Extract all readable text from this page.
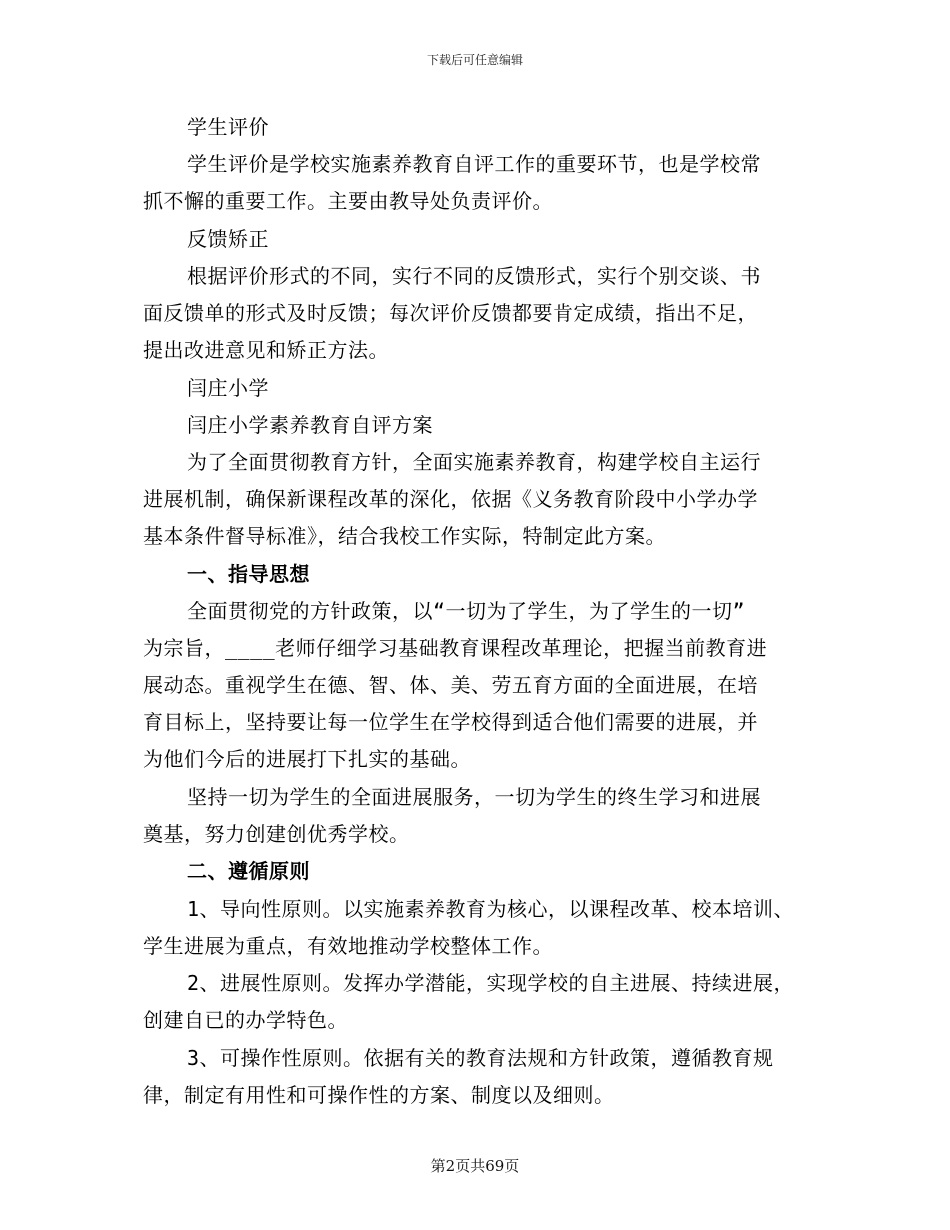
下载后可任意编辑
学生评价
学生评价是学校实施素养教育自评工作的重要环节，也是学校常
抓不懈的重要工作。主要由教导处负责评价。
反馈矫正
根据评价形式的不同，实行不同的反馈形式，实行个别交谈、书
面反馈单的形式及时反馈；每次评价反馈都要肯定成绩，指出不足，
提出改进意见和矫正方法。
闫庄小学
闫庄小学素养教育自评方案
为了全面贯彻教育方针，全面实施素养教育，构建学校自主运行
进展机制，确保新课程改革的深化，依据《义务教育阶段中小学办学
基本条件督导标准》，结合我校工作实际，特制定此方案。
一、指导思想
全面贯彻党的方针政策，以“一切为了学生，为了学生的一切”
为宗旨，____老师仔细学习基础教育课程改革理论，把握当前教育进
展动态。重视学生在德、智、体、美、劳五育方面的全面进展，在培
育目标上，坚持要让每一位学生在学校得到适合他们需要的进展，并
为他们今后的进展打下扎实的基础。
坚持一切为学生的全面进展服务，一切为学生的终生学习和进展
奠基，努力创建创优秀学校。
二、遵循原则
1、导向性原则。以实施素养教育为核心，以课程改革、校本培训、
学生进展为重点，有效地推动学校整体工作。
2、进展性原则。发挥办学潜能，实现学校的自主进展、持续进展，
创建自已的办学特色。
3、可操作性原则。依据有关的教育法规和方针政策，遵循教育规
律，制定有用性和可操作性的方案、制度以及细则。
第2页共69页
